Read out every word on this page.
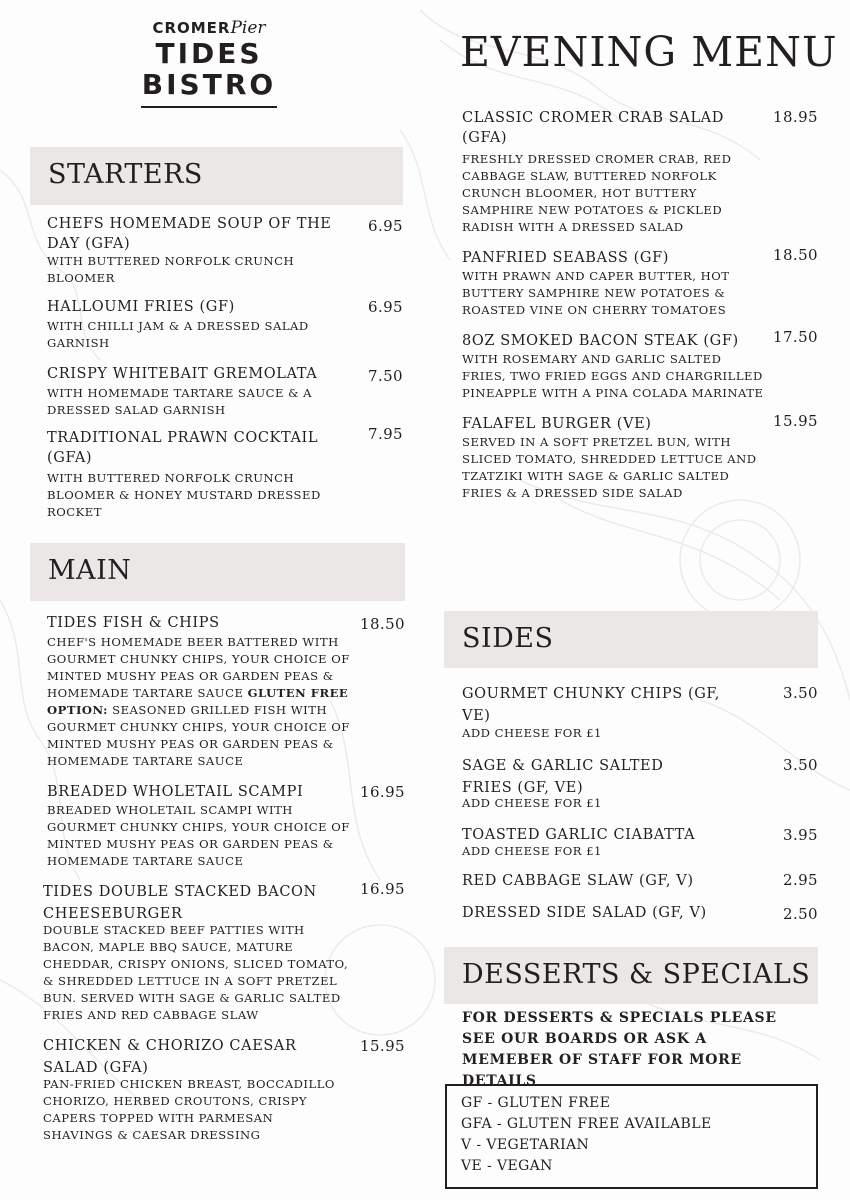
CROMERPier
TIDES
BISTRO
EVENING MENU
STARTERS
CHEFS HOMEMADE SOUP OF THE DAY (GFA)
6.95
WITH BUTTERED NORFOLK CRUNCH BLOOMER
HALLOUMI FRIES (GF)	6.95
WITH CHILLI JAM & A DRESSED SALAD GARNISH
CRISPY WHITEBAIT GREMOLATA	7.50
WITH HOMEMADE TARTARE SAUCE & A DRESSED SALAD GARNISH
TRADITIONAL PRAWN COCKTAIL (GFA)
7.95
WITH BUTTERED NORFOLK CRUNCH BLOOMER & HONEY MUSTARD DRESSED ROCKET
MAIN
TIDES FISH & CHIPS	18.50
CHEF'S HOMEMADE BEER BATTERED WITH GOURMET CHUNKY CHIPS, YOUR CHOICE OF MINTED MUSHY PEAS OR GARDEN PEAS & HOMEMADE TARTARE SAUCE GLUTEN FREE OPTION: SEASONED GRILLED FISH WITH GOURMET CHUNKY CHIPS, YOUR CHOICE OF MINTED MUSHY PEAS OR GARDEN PEAS & HOMEMADE TARTARE SAUCE
BREADED WHOLETAIL SCAMPI	16.95
BREADED WHOLETAIL SCAMPI WITH GOURMET CHUNKY CHIPS, YOUR CHOICE OF MINTED MUSHY PEAS OR GARDEN PEAS & HOMEMADE TARTARE SAUCE
TIDES DOUBLE STACKED BACON CHEESEBURGER
16.95
DOUBLE STACKED BEEF PATTIES WITH BACON, MAPLE BBQ SAUCE, MATURE CHEDDAR, CRISPY ONIONS, SLICED TOMATO, & SHREDDED LETTUCE IN A SOFT PRETZEL BUN. SERVED WITH SAGE & GARLIC SALTED FRIES AND RED CABBAGE SLAW
CHICKEN & CHORIZO CAESAR SALAD (GFA)
15.95
PAN-FRIED CHICKEN BREAST, BOCCADILLO CHORIZO, HERBED CROUTONS, CRISPY CAPERS TOPPED WITH PARMESAN SHAVINGS & CAESAR DRESSING
CLASSIC CROMER CRAB SALAD (GFA)
18.95
FRESHLY DRESSED CROMER CRAB, RED CABBAGE SLAW, BUTTERED NORFOLK CRUNCH BLOOMER, HOT BUTTERY SAMPHIRE NEW POTATOES & PICKLED RADISH WITH A DRESSED SALAD
PANFRIED SEABASS (GF)	18.50
WITH PRAWN AND CAPER BUTTER, HOT BUTTERY SAMPHIRE NEW POTATOES & ROASTED VINE ON CHERRY TOMATOES
8OZ SMOKED BACON STEAK (GF)	17.50
WITH ROSEMARY AND GARLIC SALTED FRIES, TWO FRIED EGGS AND CHARGRILLED PINEAPPLE WITH A PINA COLADA MARINATE
FALAFEL BURGER (VE)	15.95
SERVED IN A SOFT PRETZEL BUN, WITH SLICED TOMATO, SHREDDED LETTUCE AND TZATZIKI WITH SAGE & GARLIC SALTED FRIES & A DRESSED SIDE SALAD
SIDES
GOURMET CHUNKY CHIPS (GF, VE)
3.50
ADD CHEESE FOR £1
SAGE & GARLIC SALTED FRIES (GF, VE)
3.50
ADD CHEESE FOR £1
TOASTED GARLIC CIABATTA	3.95
ADD CHEESE FOR £1
RED CABBAGE SLAW (GF, V)	2.95
DRESSED SIDE SALAD (GF, V)	2.50
DESSERTS & SPECIALS
FOR DESSERTS & SPECIALS PLEASE SEE OUR BOARDS OR ASK A MEMEBER OF STAFF FOR MORE DETAILS
GF - GLUTEN FREE
GFA - GLUTEN FREE AVAILABLE
V - VEGETARIAN
VE - VEGAN
